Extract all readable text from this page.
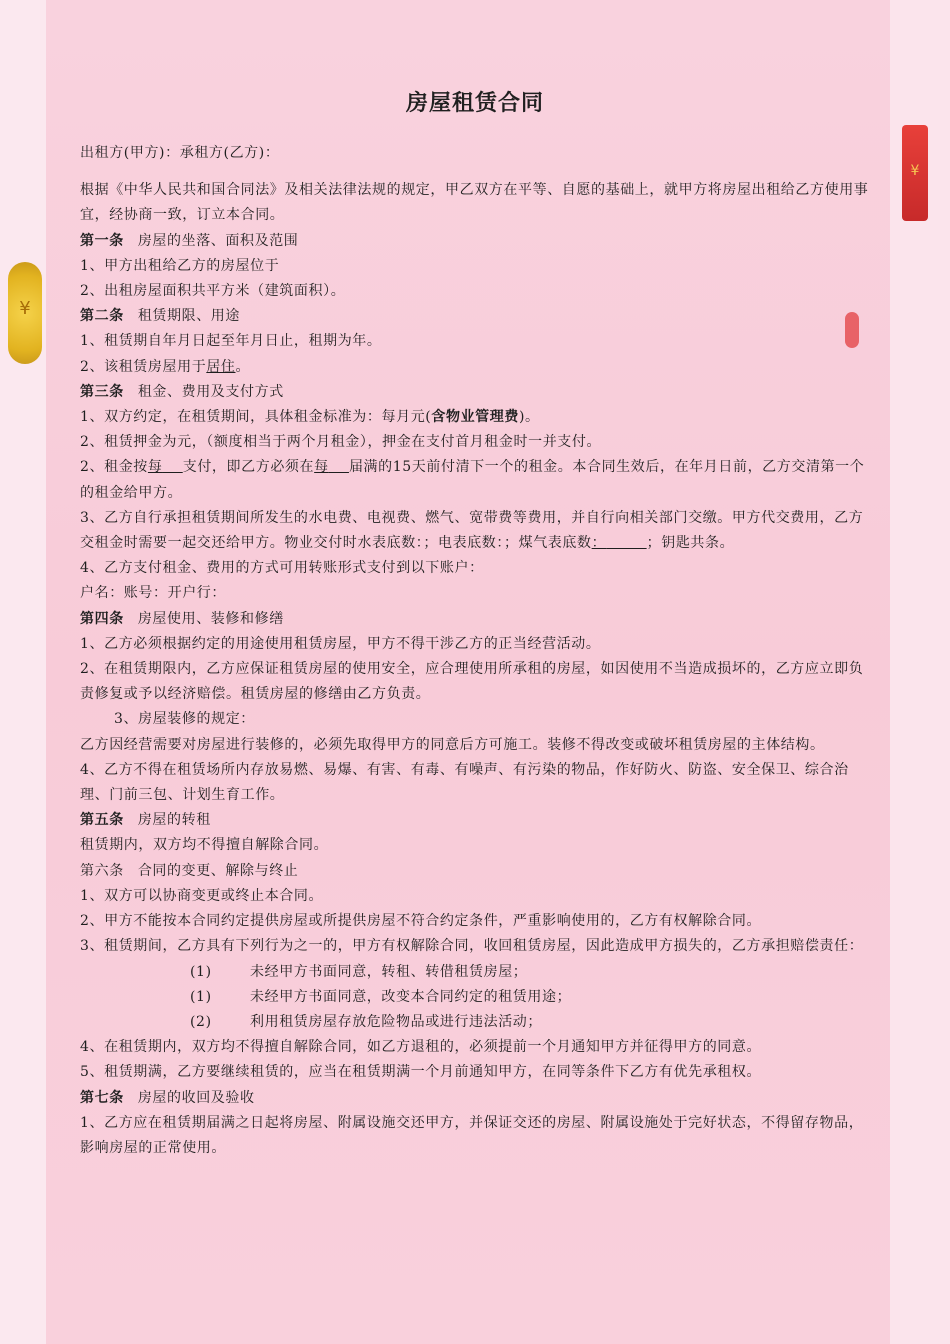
¥
¥
房屋租赁合同
出租方(甲方)：承租方(乙方)：
根据《中华人民共和国合同法》及相关法律法规的规定，甲乙双方在平等、自愿的基础上，就甲方将房屋出租给乙方使用事宜，经协商一致，订立本合同。
第一条 房屋的坐落、面积及范围
1、甲方出租给乙方的房屋位于
2、出租房屋面积共平方米（建筑面积）。
第二条 租赁期限、用途
1、租赁期自年月日起至年月日止，租期为年。
2、该租赁房屋用于居住。
第三条 租金、费用及支付方式
1、双方约定，在租赁期间，具体租金标准为：每月元(含物业管理费)。
2、租赁押金为元，（额度相当于两个月租金），押金在支付首月租金时一并支付。
2、租金按每 支付，即乙方必须在每 届满的15天前付清下一个的租金。本合同生效后，在年月日前，乙方交清第一个的租金给甲方。
3、乙方自行承担租赁期间所发生的水电费、电视费、燃气、宽带费等费用，并自行向相关部门交缴。甲方代交费用，乙方交租金时需要一起交还给甲方。物业交付时水表底数：；电表底数：；煤气表底数：	；钥匙共条。
4、乙方支付租金、费用的方式可用转账形式支付到以下账户：
户名：账号：开户行：
第四条 房屋使用、装修和修缮
1、乙方必须根据约定的用途使用租赁房屋，甲方不得干涉乙方的正当经营活动。
2、在租赁期限内，乙方应保证租赁房屋的使用安全，应合理使用所承租的房屋，如因使用不当造成损坏的，乙方应立即负责修复或予以经济赔偿。租赁房屋的修缮由乙方负责。
3、房屋装修的规定：
乙方因经营需要对房屋进行装修的，必须先取得甲方的同意后方可施工。装修不得改变或破坏租赁房屋的主体结构。
4、乙方不得在租赁场所内存放易燃、易爆、有害、有毒、有噪声、有污染的物品，作好防火、防盗、安全保卫、综合治理、门前三包、计划生育工作。
第五条 房屋的转租
租赁期内，双方均不得擅自解除合同。
第六条 合同的变更、解除与终止
1、双方可以协商变更或终止本合同。
2、甲方不能按本合同约定提供房屋或所提供房屋不符合约定条件，严重影响使用的，乙方有权解除合同。
3、租赁期间，乙方具有下列行为之一的，甲方有权解除合同，收回租赁房屋，因此造成甲方损失的，乙方承担赔偿责任：
(1)	未经甲方书面同意，转租、转借租赁房屋；
(1)	未经甲方书面同意，改变本合同约定的租赁用途；
(2)	利用租赁房屋存放危险物品或进行违法活动；
4、在租赁期内，双方均不得擅自解除合同，如乙方退租的，必须提前一个月通知甲方并征得甲方的同意。
5、租赁期满，乙方要继续租赁的，应当在租赁期满一个月前通知甲方，在同等条件下乙方有优先承租权。
第七条 房屋的收回及验收
1、乙方应在租赁期届满之日起将房屋、附属设施交还甲方，并保证交还的房屋、附属设施处于完好状态，不得留存物品，影响房屋的正常使用。
